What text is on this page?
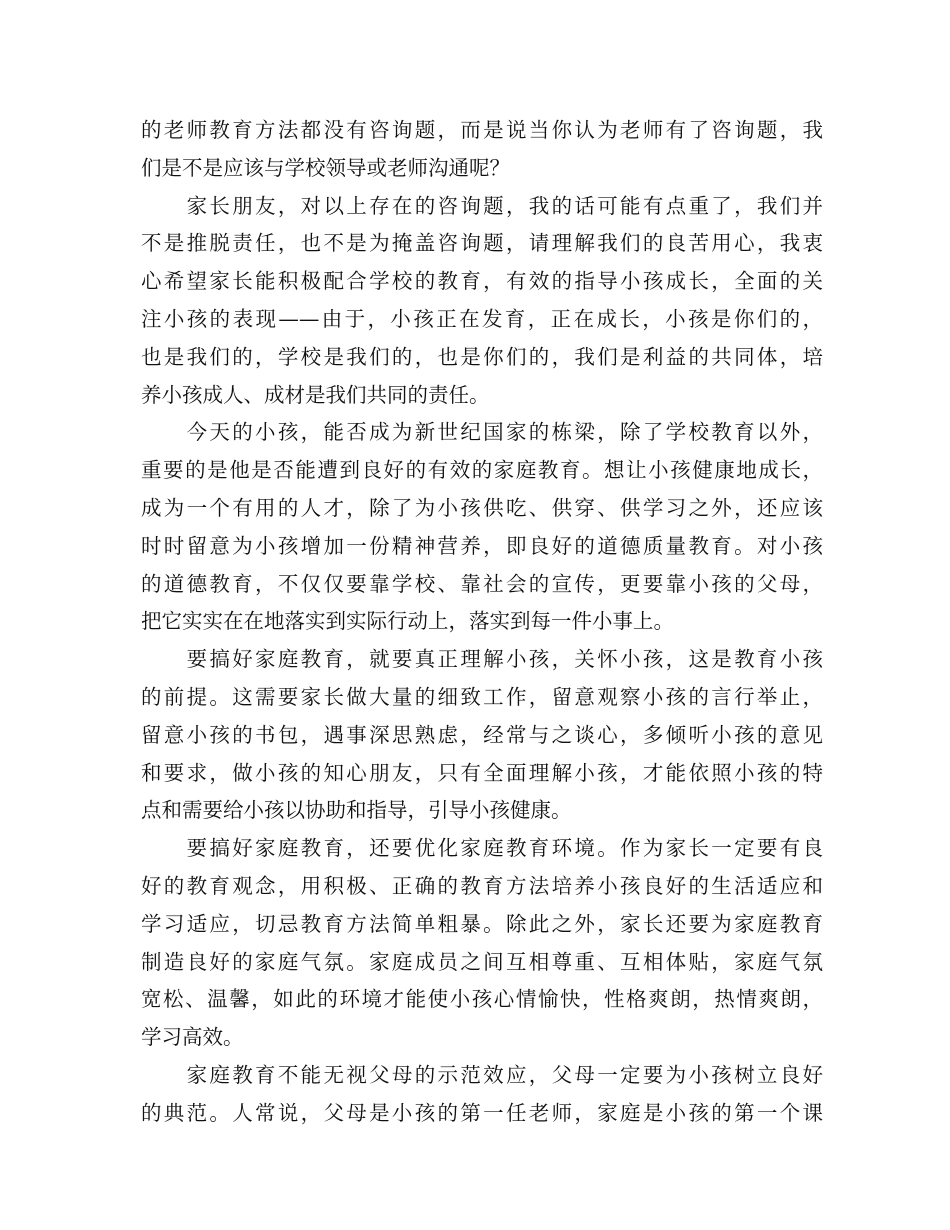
的老师教育方法都没有咨询题，而是说当你认为老师有了咨询题，我
们是不是应该与学校领导或老师沟通呢？
　　家长朋友，对以上存在的咨询题，我的话可能有点重了，我们并
不是推脱责任，也不是为掩盖咨询题，请理解我们的良苦用心，我衷
心希望家长能积极配合学校的教育，有效的指导小孩成长，全面的关
注小孩的表现——由于，小孩正在发育，正在成长，小孩是你们的，
也是我们的，学校是我们的，也是你们的，我们是利益的共同体，培
养小孩成人、成材是我们共同的责任。
　　今天的小孩，能否成为新世纪国家的栋梁，除了学校教育以外，
重要的是他是否能遭到良好的有效的家庭教育。想让小孩健康地成长，
成为一个有用的人才，除了为小孩供吃、供穿、供学习之外，还应该
时时留意为小孩增加一份精神营养，即良好的道德质量教育。对小孩
的道德教育，不仅仅要靠学校、靠社会的宣传，更要靠小孩的父母，
把它实实在在地落实到实际行动上，落实到每一件小事上。
　　要搞好家庭教育，就要真正理解小孩，关怀小孩，这是教育小孩
的前提。这需要家长做大量的细致工作，留意观察小孩的言行举止，
留意小孩的书包，遇事深思熟虑，经常与之谈心，多倾听小孩的意见
和要求，做小孩的知心朋友，只有全面理解小孩，才能依照小孩的特
点和需要给小孩以协助和指导，引导小孩健康。
　　要搞好家庭教育，还要优化家庭教育环境。作为家长一定要有良
好的教育观念，用积极、正确的教育方法培养小孩良好的生活适应和
学习适应，切忌教育方法简单粗暴。除此之外，家长还要为家庭教育
制造良好的家庭气氛。家庭成员之间互相尊重、互相体贴，家庭气氛
宽松、温馨，如此的环境才能使小孩心情愉快，性格爽朗，热情爽朗，
学习高效。
　　家庭教育不能无视父母的示范效应，父母一定要为小孩树立良好
的典范。人常说，父母是小孩的第一任老师，家庭是小孩的第一个课
